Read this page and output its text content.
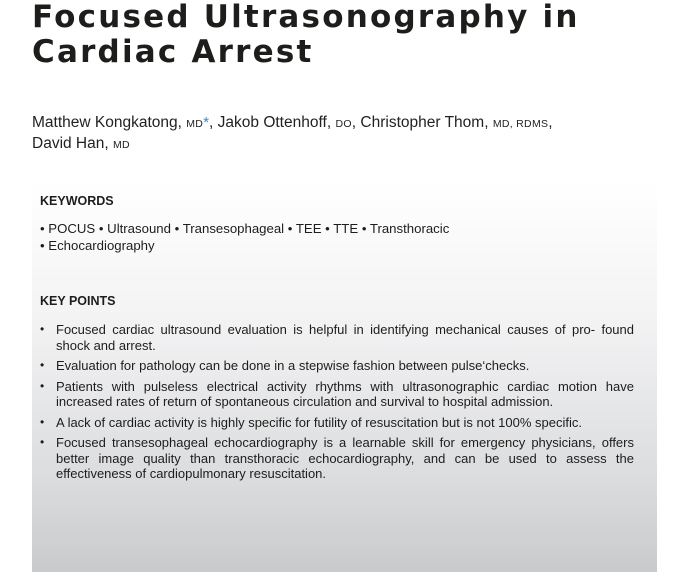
Focused Ultrasonography in
Cardiac Arrest
Matthew Kongkatong, MD*, Jakob Ottenhoff, DO, Christopher Thom, MD, RDMS,
David Han, MD
KEYWORDS
• POCUS • Ultrasound • Transesophageal • TEE • TTE • Transthoracic
• Echocardiography
KEY POINTS
• Focused cardiac ultrasound evaluation is helpful in identifying mechanical causes of pro- found shock and arrest.
• Evaluation for pathology can be done in a stepwise fashion between pulse‘checks.
• Patients with pulseless electrical activity rhythms with ultrasonographic cardiac motion have increased rates of return of spontaneous circulation and survival to hospital admission.
• A lack of cardiac activity is highly specific for futility of resuscitation but is not 100% specific.
• Focused transesophageal echocardiography is a learnable skill for emergency physicians, offers better image quality than transthoracic echocardiography, and can be used to assess the effectiveness of cardiopulmonary resuscitation.
